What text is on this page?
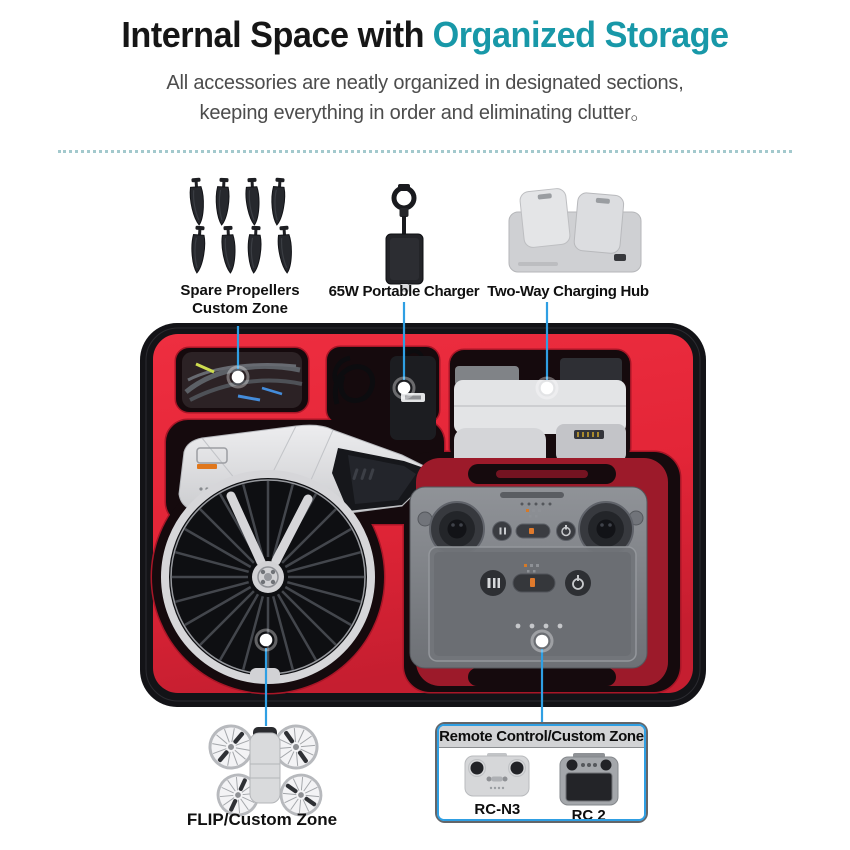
Internal Space with Organized Storage
All accessories are neatly organized in designated sections,
keeping everything in order and eliminating clutter。
Spare Propellers
Custom Zone
65W Portable Charger Two-Way Charging Hub
FLIP/Custom Zone
Remote Control/Custom Zone
RC-N3	RC 2
